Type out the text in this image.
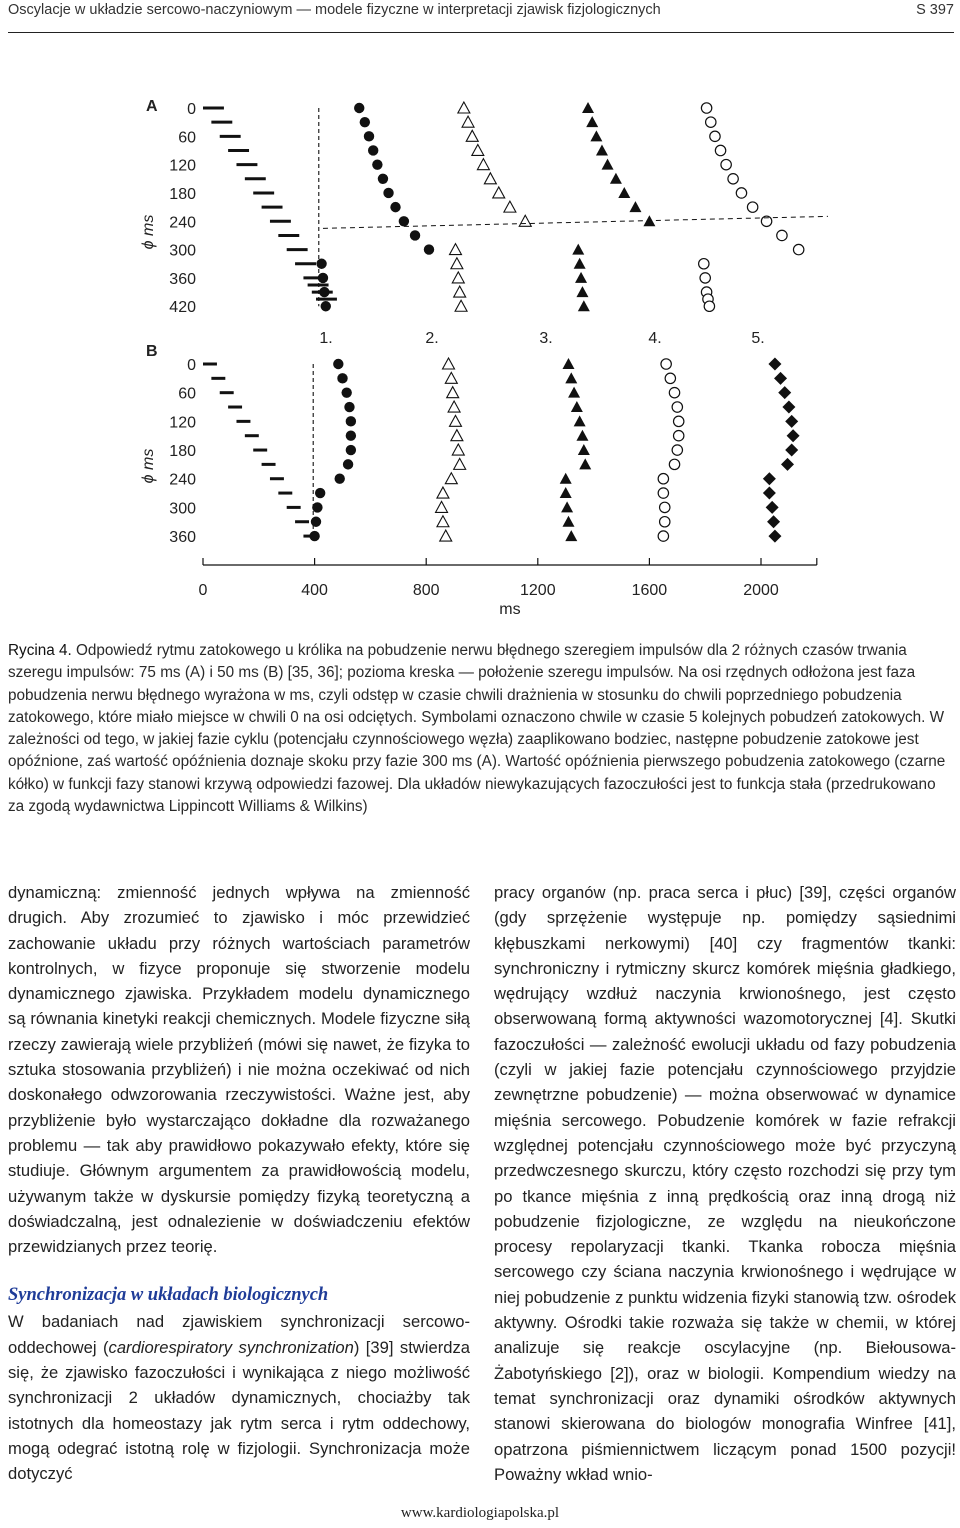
Oscylacje w układzie sercowo-naczyniowym — modele fizyczne w interpretacji zjawisk fizjologicznych	S 397
A
ϕ ms
0
60
120
180
240
300
360
420
B
ϕ ms
0
60
120
180
240
300
360
1.	2.	3.	4.	5.
0	400	800	1200	1600	2000
ms

Rycina 4. Odpowiedź rytmu zatokowego u królika na pobudzenie nerwu błędnego szeregiem impulsów dla 2 różnych czasów trwania szeregu impulsów: 75 ms (A) i 50 ms (B) [35, 36]; pozioma kreska — położenie szeregu impulsów. Na osi rzędnych odłożona jest faza pobudzenia nerwu błędnego wyrażona w ms, czyli odstęp w czasie chwili drażnienia w stosunku do chwili poprzedniego pobudzenia zatokowego, które miało miejsce w chwili 0 na osi odciętych. Symbolami oznaczono chwile w czasie 5 kolejnych pobudzeń zatokowych. W zależności od tego, w jakiej fazie cyklu (potencjału czynnościowego węzła) zaaplikowano bodziec, następne pobudzenie zatokowe jest opóźnione, zaś wartość opóźnienia doznaje skoku przy fazie 300 ms (A). Wartość opóźnienia pierwszego pobudzenia zatokowego (czarne kółko) w funkcji fazy stanowi krzywą odpowiedzi fazowej. Dla układów niewykazujących fazoczułości jest to funkcja stała (przedrukowano za zgodą wydawnictwa Lippincott Williams & Wilkins)

dynamiczną: zmienność jednych wpływa na zmienność drugich. Aby zrozumieć to zjawisko i móc przewidzieć zachowanie układu przy różnych wartościach parametrów kontrolnych, w fizyce proponuje się stworzenie modelu dynamicznego zjawiska. Przykładem modelu dynamicznego są równania kinetyki reakcji chemicznych. Modele fizyczne siłą rzeczy zawierają wiele przybliżeń (mówi się nawet, że fizyka to sztuka stosowania przybliżeń) i nie można oczekiwać od nich doskonałego odwzorowania rzeczywistości. Ważne jest, aby przybliżenie było wystarczająco dokładne dla rozważanego problemu — tak aby prawidłowo pokazywało efekty, które się studiuje. Głównym argumentem za prawidłowością modelu, używanym także w dyskursie pomiędzy fizyką teoretyczną a doświadczalną, jest odnalezienie w doświadczeniu efektów przewidzianych przez teorię.

Synchronizacja w układach biologicznych

W badaniach nad zjawiskiem synchronizacji sercowo-oddechowej (cardiorespiratory synchronization) [39] stwierdza się, że zjawisko fazoczułości i wynikająca z niego możliwość synchronizacji 2 układów dynamicznych, chociażby tak istotnych dla homeostazy jak rytm serca i rytm oddechowy, mogą odegrać istotną rolę w fizjologii. Synchronizacja może dotyczyć

pracy organów (np. praca serca i płuc) [39], części organów (gdy sprzężenie występuje np. pomiędzy sąsiednimi kłębuszkami nerkowymi) [40] czy fragmentów tkanki: synchroniczny i rytmiczny skurcz komórek mięśnia gładkiego, wędrujący wzdłuż naczynia krwionośnego, jest często obserwowaną formą aktywności wazomotorycznej [4]. Skutki fazoczułości — zależność ewolucji układu od fazy pobudzenia (czyli w jakiej fazie potencjału czynnościowego przyjdzie zewnętrzne pobudzenie) — można obserwować w dynamice mięśnia sercowego. Pobudzenie komórek w fazie refrakcji względnej potencjału czynnościowego może być przyczyną przedwczesnego skurczu, który często rozchodzi się przy tym po tkance mięśnia z inną prędkością oraz inną drogą niż pobudzenie fizjologiczne, ze względu na nieukończone procesy repolaryzacji tkanki. Tkanka robocza mięśnia sercowego czy ściana naczynia krwionośnego i wędrujące w niej pobudzenie z punktu widzenia fizyki stanowią tzw. ośrodek aktywny. Ośrodki takie rozważa się także w chemii, w której analizuje się reakcje oscylacyjne (np. Biełousowa-Żabotyńskiego [2]), oraz w biologii. Kompendium wiedzy na temat synchronizacji oraz dynamiki ośrodków aktywnych stanowi skierowana do biologów monografia Winfree [41], opatrzona piśmiennictwem liczącym ponad 1500 pozycji! Poważny wkład wnio-

www.kardiologiapolska.pl
